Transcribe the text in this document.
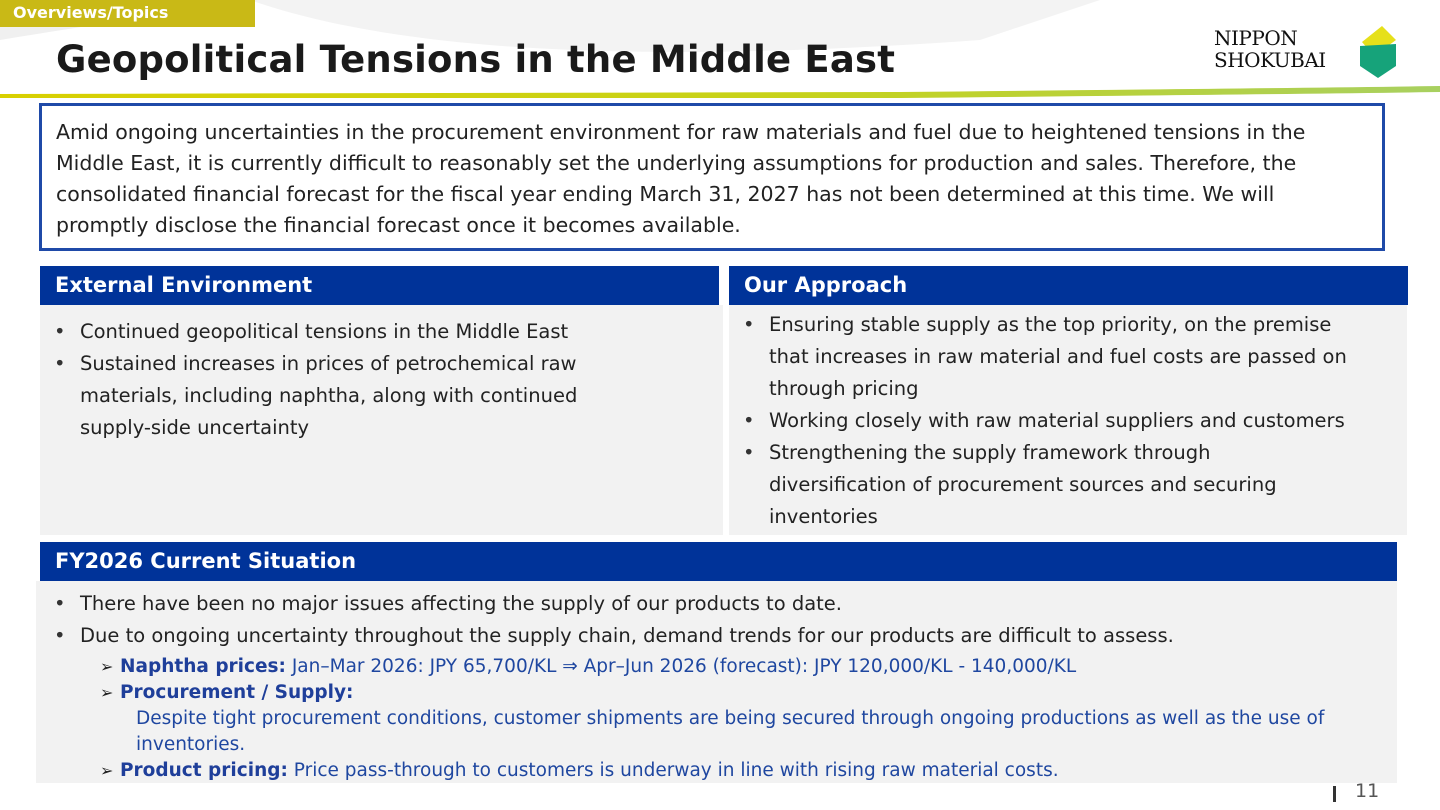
Overviews/Topics
Geopolitical Tensions in the Middle East	NIPPON
SHOKUBAI
Amid ongoing uncertainties in the procurement environment for raw materials and fuel due to heightened tensions in the Middle East, it is currently difficult to reasonably set the underlying assumptions for production and sales. Therefore, the consolidated financial forecast for the fiscal year ending March 31, 2027 has not been determined at this time. We will promptly disclose the financial forecast once it becomes available.
External Environment
• Continued geopolitical tensions in the Middle East
• Sustained increases in prices of petrochemical raw materials, including naphtha, along with continued supply-side uncertainty
Our Approach
• Ensuring stable supply as the top priority, on the premise that increases in raw material and fuel costs are passed on through pricing
• Working closely with raw material suppliers and customers
• Strengthening the supply framework through diversification of procurement sources and securing inventories
FY2026 Current Situation
• There have been no major issues affecting the supply of our products to date.
• Due to ongoing uncertainty throughout the supply chain, demand trends for our products are difficult to assess.
➢ Naphtha prices: Jan–Mar 2026: JPY 65,700/KL ⇒ Apr–Jun 2026 (forecast): JPY 120,000/KL - 140,000/KL
➢ Procurement / Supply:
Despite tight procurement conditions, customer shipments are being secured through ongoing productions as well as the use of inventories.
➢ Product pricing: Price pass-through to customers is underway in line with rising raw material costs.
11
